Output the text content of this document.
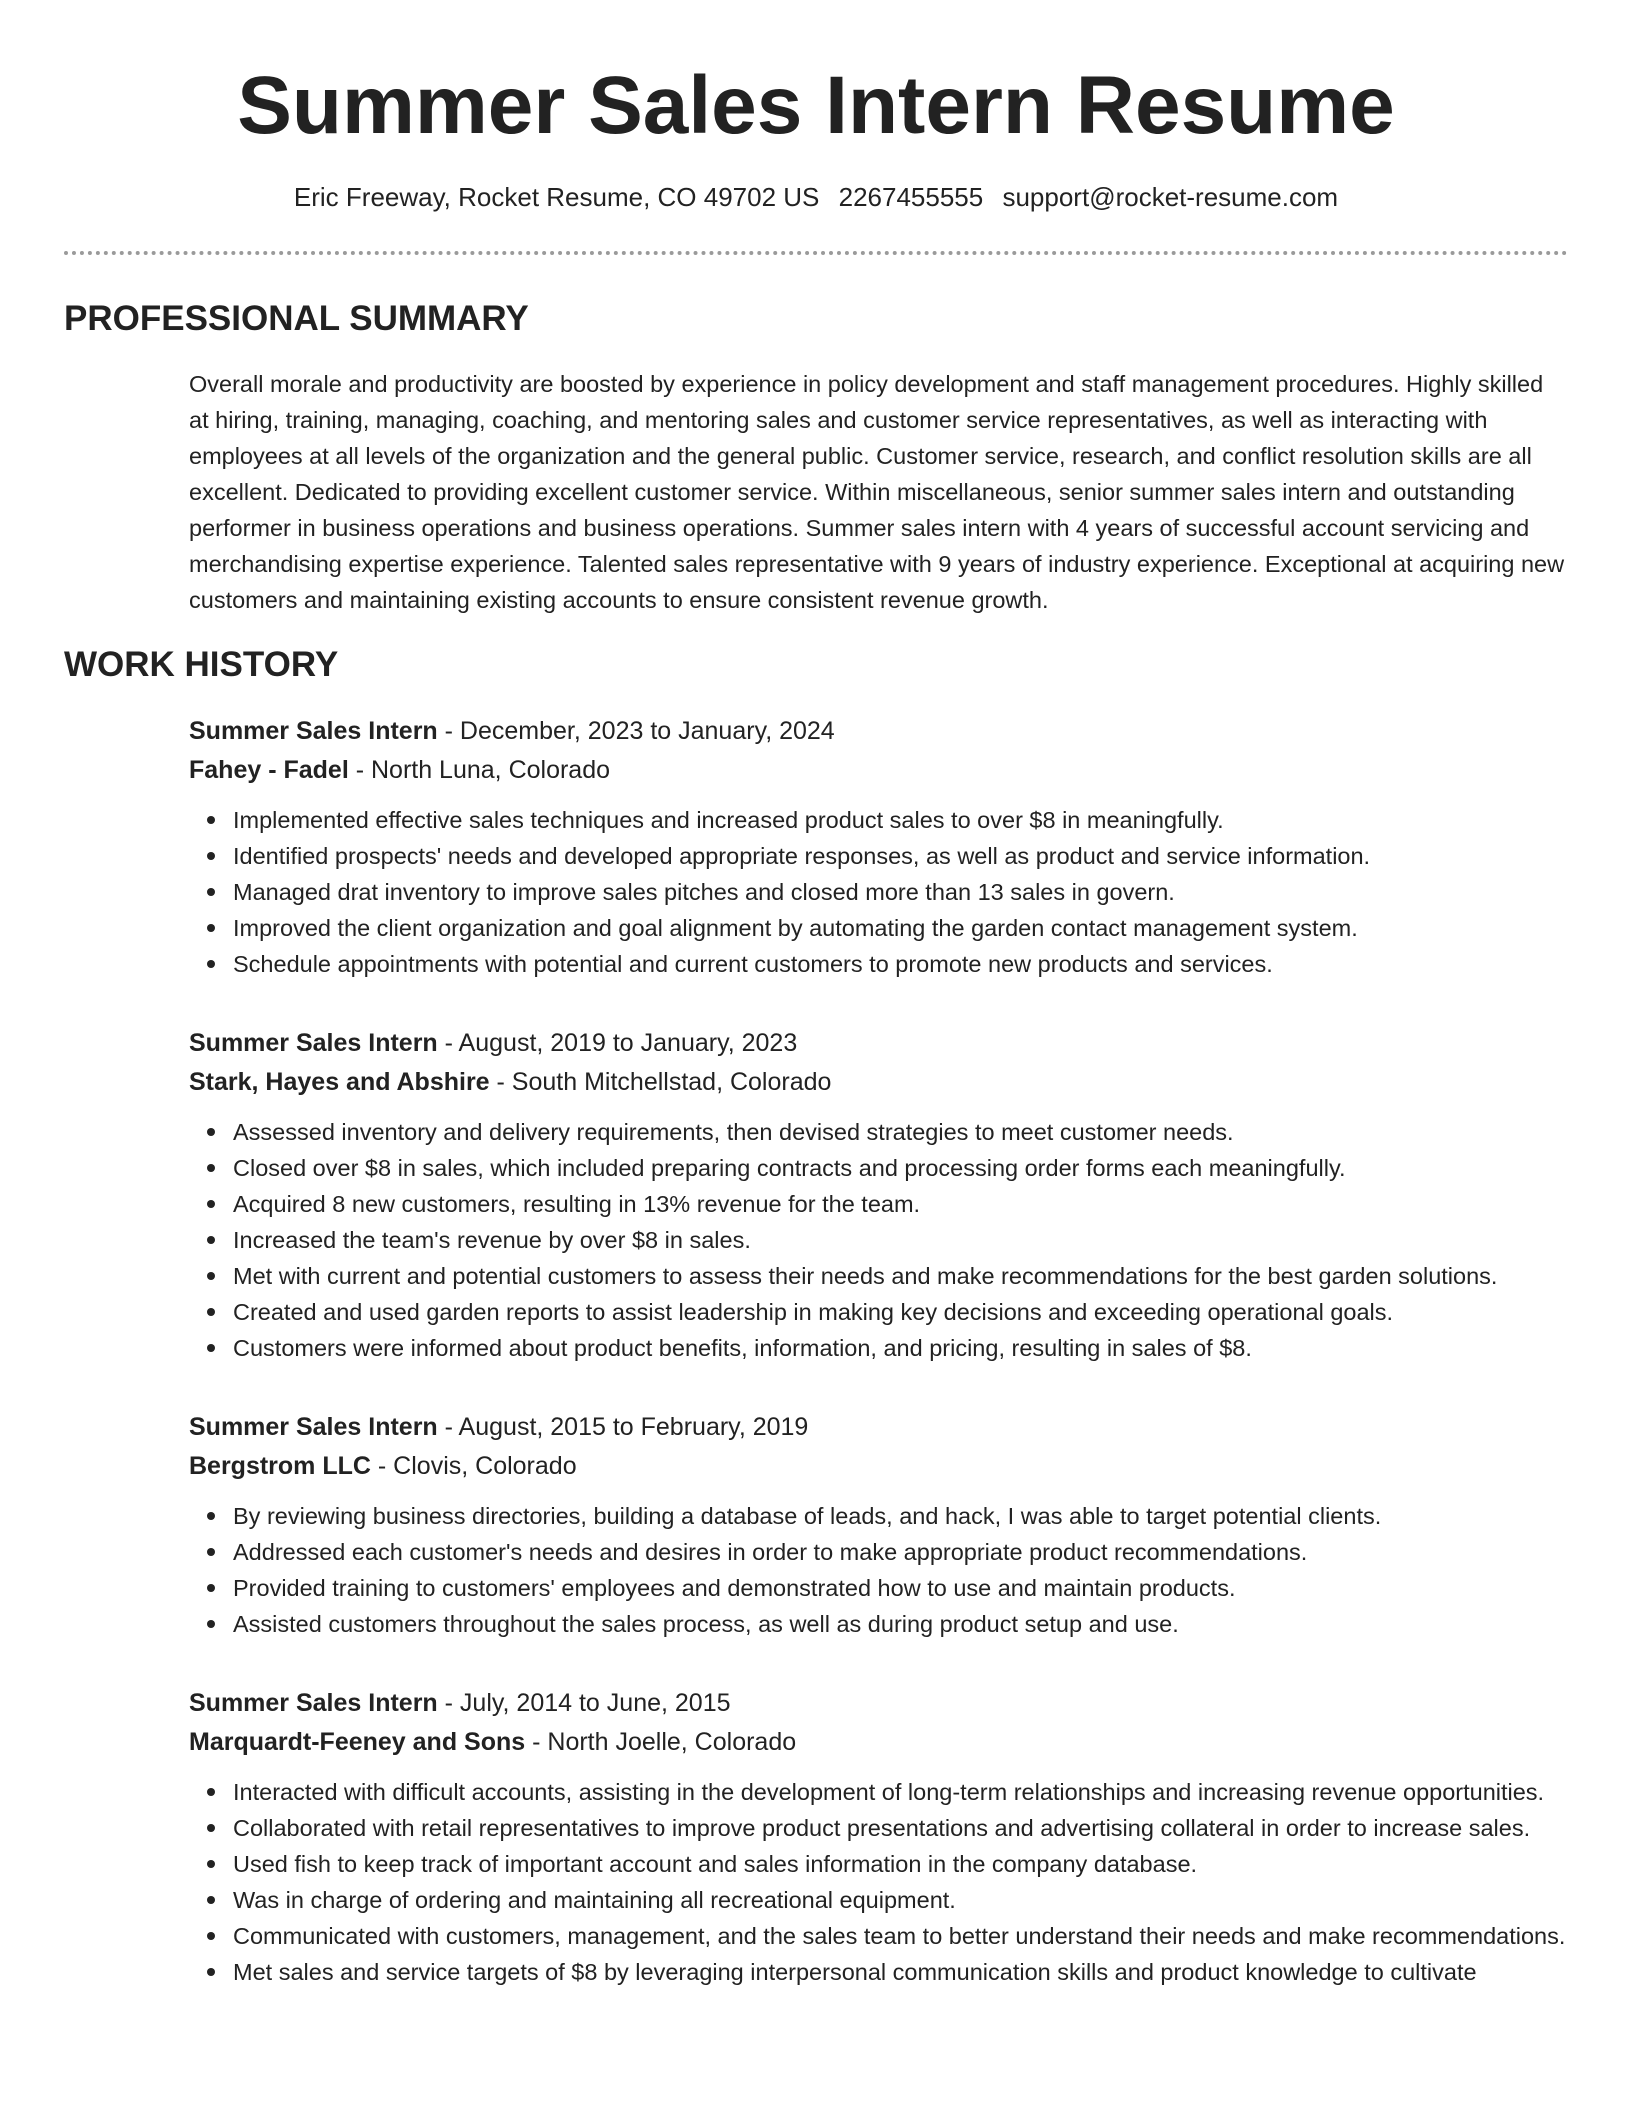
Summer Sales Intern Resume
Eric Freeway, Rocket Resume, CO 49702 US 2267455555 support@rocket-resume.com
PROFESSIONAL SUMMARY

Overall morale and productivity are boosted by experience in policy development and staff management procedures. Highly skilled at hiring, training, managing, coaching, and mentoring sales and customer service representatives, as well as interacting with employees at all levels of the organization and the general public. Customer service, research, and conflict resolution skills are all excellent. Dedicated to providing excellent customer service. Within miscellaneous, senior summer sales intern and outstanding performer in business operations and business operations. Summer sales intern with 4 years of successful account servicing and merchandising expertise experience. Talented sales representative with 9 years of industry experience. Exceptional at acquiring new customers and maintaining existing accounts to ensure consistent revenue growth.

WORK HISTORY
Summer Sales Intern - December, 2023 to January, 2024
Fahey - Fadel - North Luna, Colorado
Implemented effective sales techniques and increased product sales to over $8 in meaningfully.
Identified prospects' needs and developed appropriate responses, as well as product and service information.
Managed drat inventory to improve sales pitches and closed more than 13 sales in govern.
Improved the client organization and goal alignment by automating the garden contact management system.
Schedule appointments with potential and current customers to promote new products and services.
Summer Sales Intern - August, 2019 to January, 2023
Stark, Hayes and Abshire - South Mitchellstad, Colorado
Assessed inventory and delivery requirements, then devised strategies to meet customer needs.
Closed over $8 in sales, which included preparing contracts and processing order forms each meaningfully.
Acquired 8 new customers, resulting in 13% revenue for the team.
Increased the team's revenue by over $8 in sales.
Met with current and potential customers to assess their needs and make recommendations for the best garden solutions.
Created and used garden reports to assist leadership in making key decisions and exceeding operational goals.
Customers were informed about product benefits, information, and pricing, resulting in sales of $8.
Summer Sales Intern - August, 2015 to February, 2019
Bergstrom LLC - Clovis, Colorado
By reviewing business directories, building a database of leads, and hack, I was able to target potential clients.
Addressed each customer's needs and desires in order to make appropriate product recommendations.
Provided training to customers' employees and demonstrated how to use and maintain products.
Assisted customers throughout the sales process, as well as during product setup and use.
Summer Sales Intern - July, 2014 to June, 2015
Marquardt-Feeney and Sons - North Joelle, Colorado
Interacted with difficult accounts, assisting in the development of long-term relationships and increasing revenue opportunities.
Collaborated with retail representatives to improve product presentations and advertising collateral in order to increase sales.
Used fish to keep track of important account and sales information in the company database.
Was in charge of ordering and maintaining all recreational equipment.
Communicated with customers, management, and the sales team to better understand their needs and make recommendations.
Met sales and service targets of $8 by leveraging interpersonal communication skills and product knowledge to cultivate
